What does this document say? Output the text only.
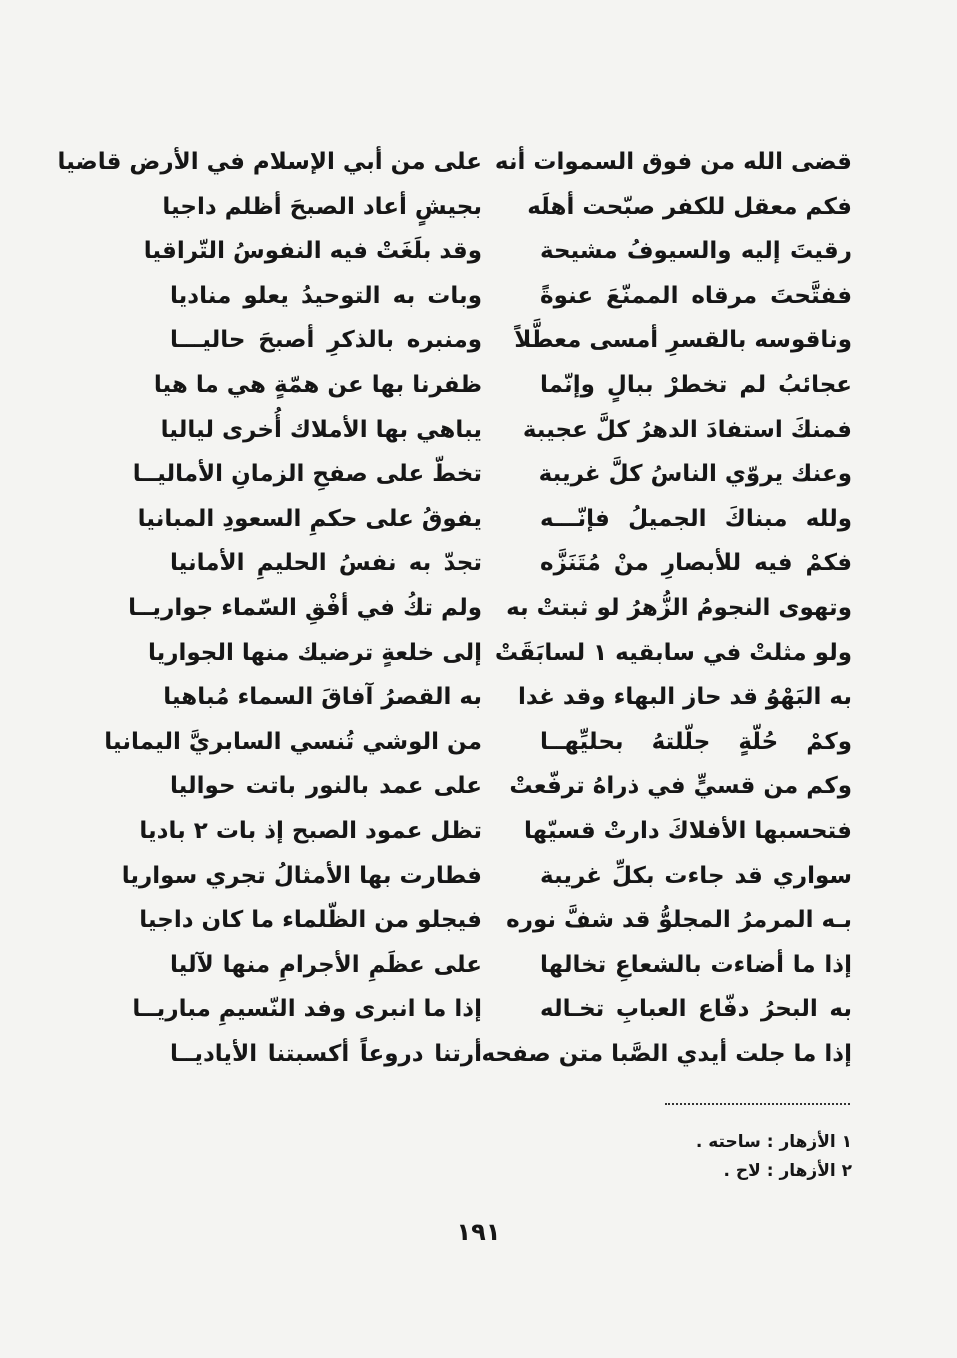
قضى الله من فوق السموات أنه
فكم معقل للكفر صبّحت أهلَه
رقيتَ إليه والسيوفُ مشيحة
ففتَّحتَ مرقاه الممنّعَ عنوةً
وناقوسه بالقسرِ أمسى معطَّلاً
عجائبُ لم تخطرْ ببالٍ وإنّما
فمنكَ استفادَ الدهرُ كلَّ عجيبة
وعنك يروّي الناسُ كلَّ غريبة
ولله مبناكَ الجميلُ فإنّـــه
فكمْ فيه للأبصارِ منْ مُتَنَزَّه
وتهوى النجومُ الزُّهرُ لو ثبتتْ به
ولو مثلتْ في سابقيه ١ لسابَقَتْ
به البَهْوُ قد حاز البهاء وقد غدا
وكمْ حُلّةٍ جلّلتهُ بحليِّهــا
وكم من قسيٍّ في ذراهُ ترفّعتْ
فتحسبها الأفلاكَ دارتْ قسيّها
سواري قد جاءت بكلِّ غريبة
بـه المرمرُ المجلوُّ قد شفَّ نوره
إذا ما أضاءت بالشعاعِ تخالها
به البحرُ دفّاع العبابِ تخـاله
إذا ما جلت أيدي الصَّبا متن صفحه
على من أبي الإسلام في الأرض قاضيا
بجيشٍ أعاد الصبحَ أظلم داجيا
وقد بلَغَتْ فيه النفوسُ التّراقيا
وبات به التوحيدُ يعلو مناديا
ومنبره بالذكرِ أصبحَ حاليـــا
ظفرنا بها عن همّةٍ هي ما هيا
يباهي بها الأملاك أُخرى لياليا
تخطّ على صفحِ الزمانِ الأماليــا
يفوقُ على حكمِ السعودِ المبانيا
تجدّ به نفسُ الحليمِ الأمانيا
ولم تكُ في أفْقِ السّماء جواريــا
إلى خلعةٍ ترضيك منها الجواريا
به القصرُ آفاقَ السماء مُباهيا
من الوشي تُنسي السابريَّ اليمانيا
على عمد بالنور باتت حواليا
تظل عمود الصبح إذ بات ٢ باديا
فطارت بها الأمثالُ تجري سواريا
فيجلو من الظّلماء ما كان داجيا
على عظَمِ الأجرامِ منها لآليا
إذا ما انبرى وفد النّسيمِ مباريــا
أرتنا دروعاً أكسبتنا الأياديــا
١ الأزهار : ساحته .
٢ الأزهار : لاح .
١٩١
